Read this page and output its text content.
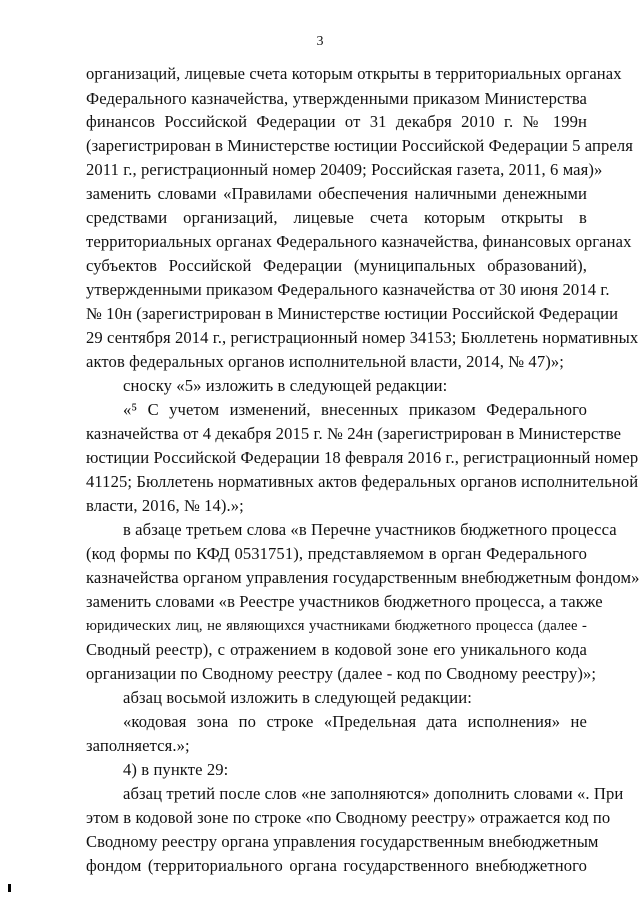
3
организаций, лицевые счета которым открыты в территориальных органах
Федерального казначейства, утвержденными приказом Министерства
финансов Российской Федерации от 31 декабря 2010 г. № 199н
(зарегистрирован в Министерстве юстиции Российской Федерации 5 апреля
2011 г., регистрационный номер 20409; Российская газета, 2011, 6 мая)»
заменить словами «Правилами обеспечения наличными денежными
средствами организаций, лицевые счета которым открыты в
территориальных органах Федерального казначейства, финансовых органах
субъектов Российской Федерации (муниципальных образований),
утвержденными приказом Федерального казначейства от 30 июня 2014 г.
№ 10н (зарегистрирован в Министерстве юстиции Российской Федерации
29 сентября 2014 г., регистрационный номер 34153; Бюллетень нормативных
актов федеральных органов исполнительной власти, 2014, № 47)»;
сноску «5» изложить в следующей редакции:
«⁵ С учетом изменений, внесенных приказом Федерального
казначейства от 4 декабря 2015 г. № 24н (зарегистрирован в Министерстве
юстиции Российской Федерации 18 февраля 2016 г., регистрационный номер
41125; Бюллетень нормативных актов федеральных органов исполнительной
власти, 2016, № 14).»;
в абзаце третьем слова «в Перечне участников бюджетного процесса
(код формы по КФД 0531751), представляемом в орган Федерального
казначейства органом управления государственным внебюджетным фондом»
заменить словами «в Реестре участников бюджетного процесса, а также
юридических лиц, не являющихся участниками бюджетного процесса (далее -
Сводный реестр), с отражением в кодовой зоне его уникального кода
организации по Сводному реестру (далее - код по Сводному реестру)»;
абзац восьмой изложить в следующей редакции:
«кодовая зона по строке «Предельная дата исполнения» не
заполняется.»;
4) в пункте 29:
абзац третий после слов «не заполняются» дополнить словами «. При
этом в кодовой зоне по строке «по Сводному реестру» отражается код по
Сводному реестру органа управления государственным внебюджетным
фондом (территориального органа государственного внебюджетного
